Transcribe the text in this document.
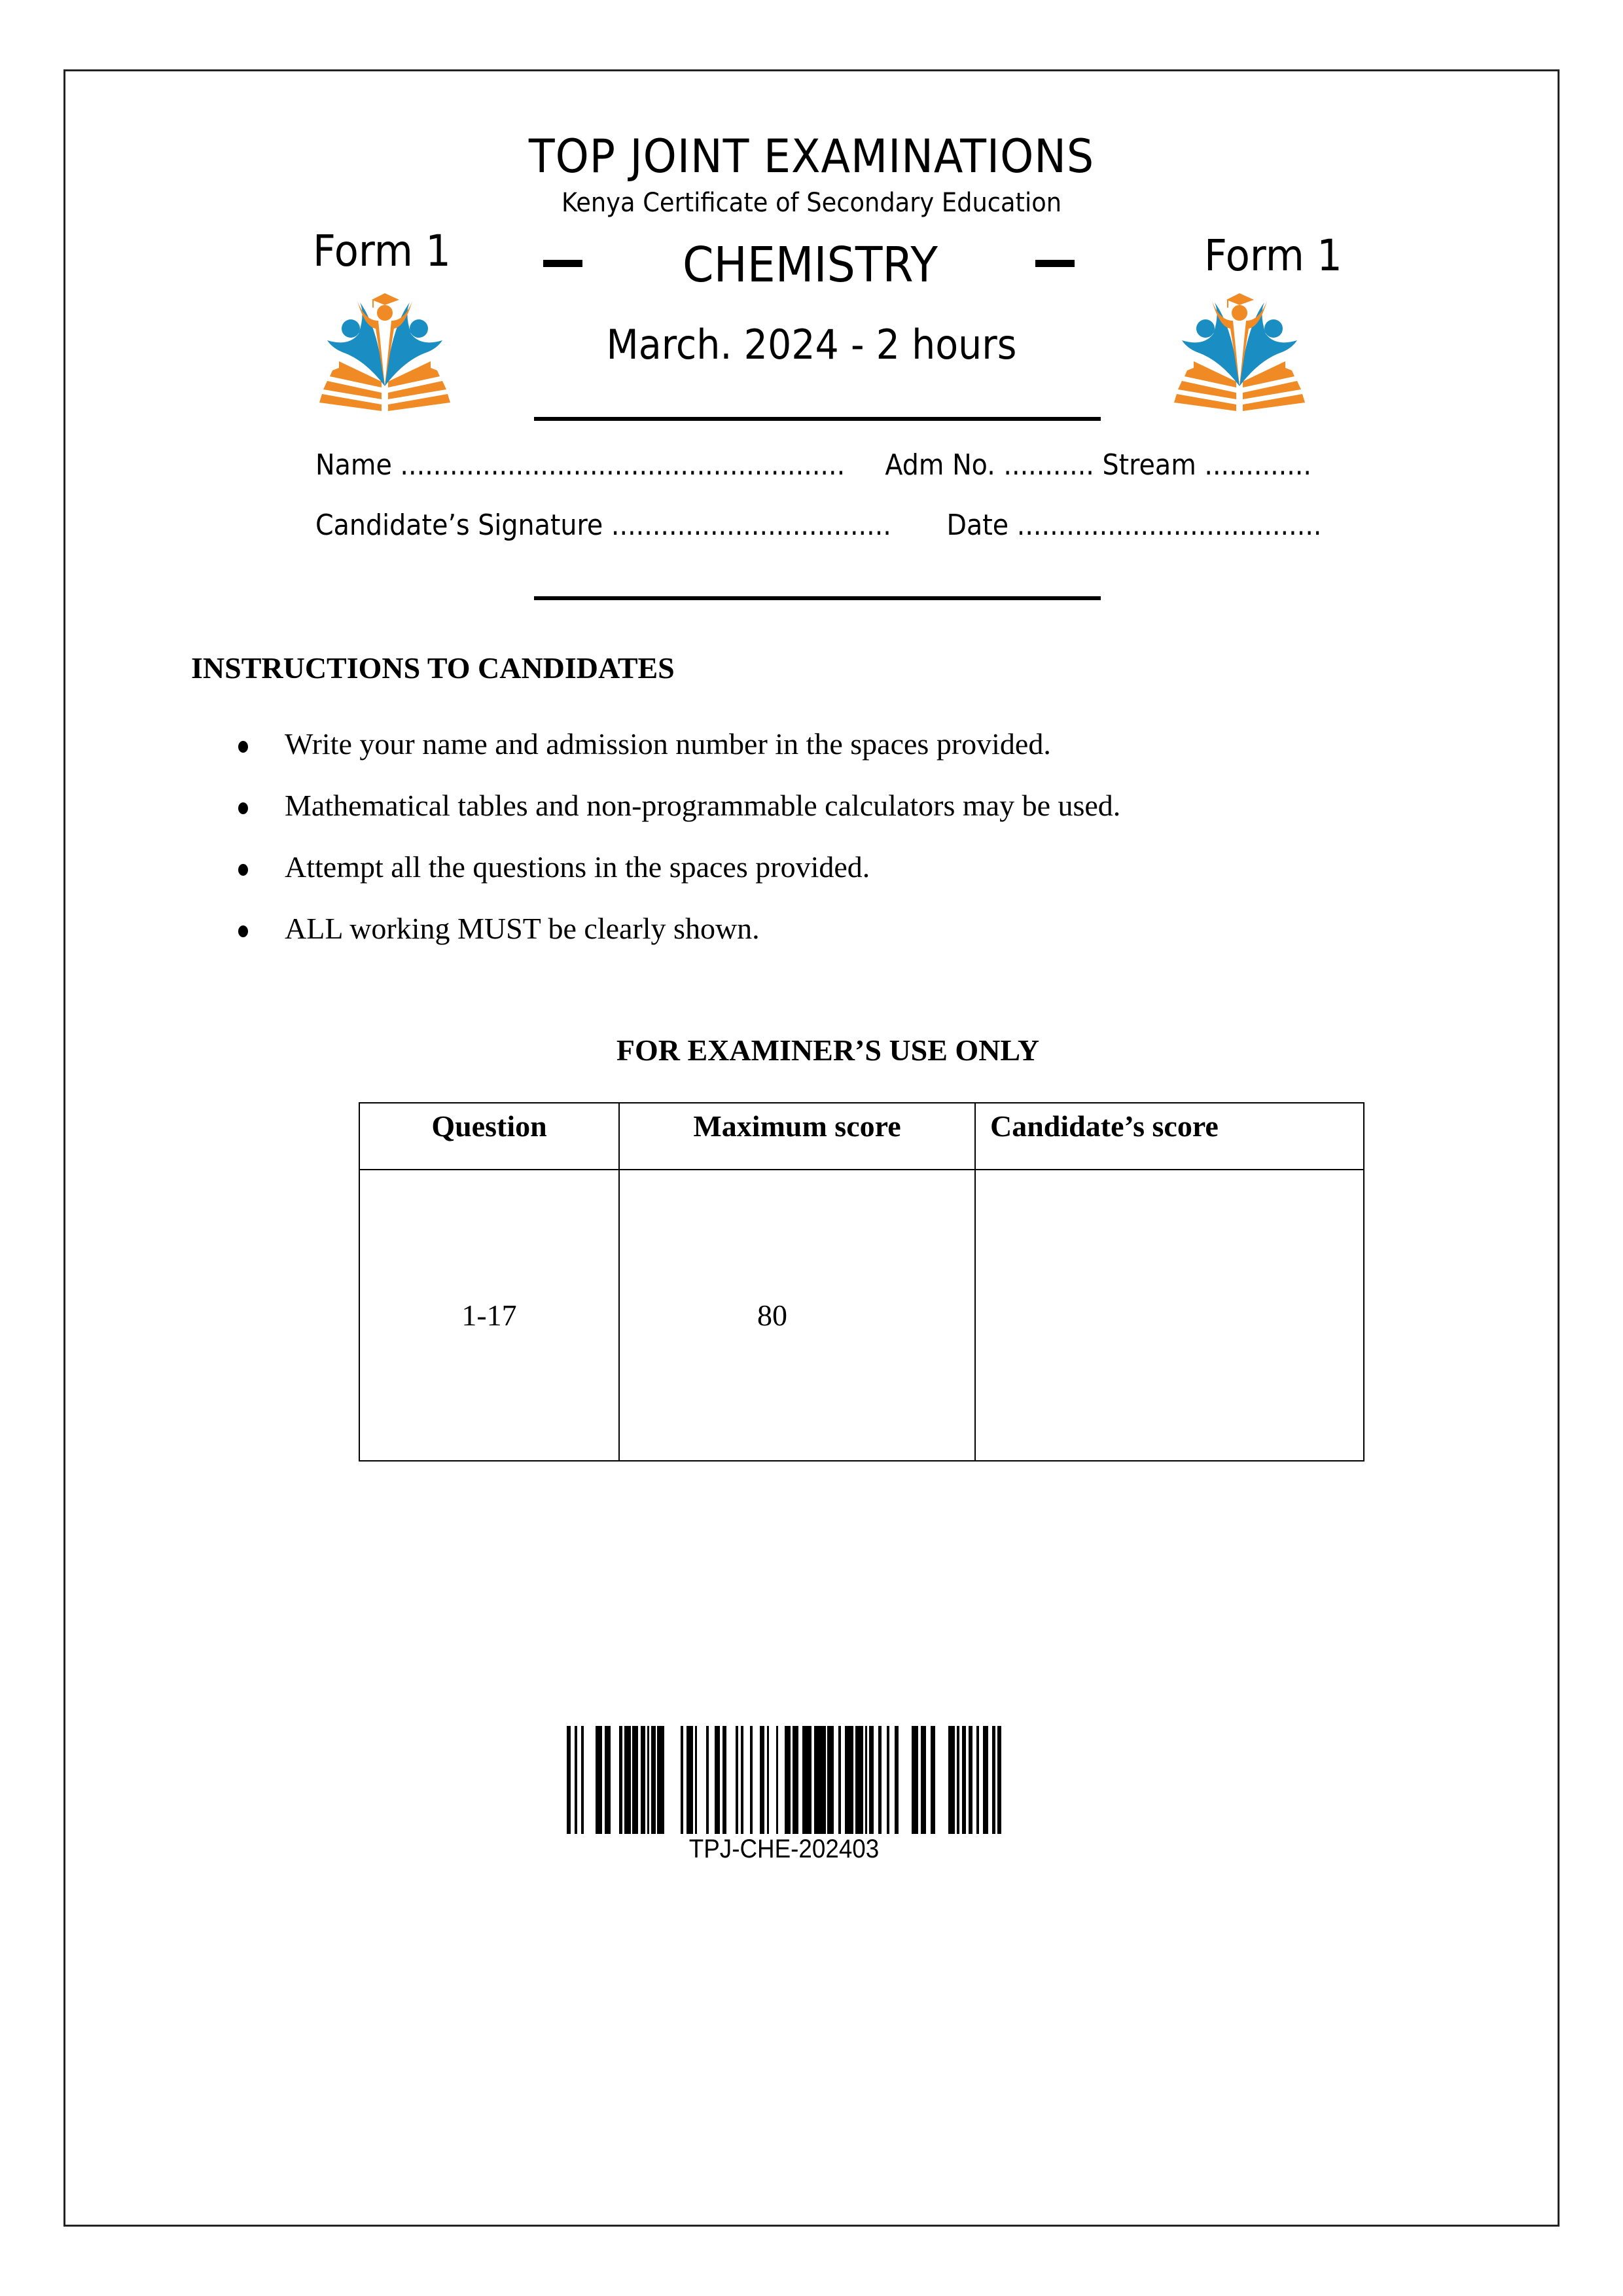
TOP JOINT EXAMINATIONS
Kenya Certificate of Secondary Education
Form 1	Form 1
CHEMISTRY
March. 2024 - 2 hours
Name ...................................................... Adm No. ........... Stream .............
Candidate’s Signature .................................. Date .....................................
INSTRUCTIONS TO CANDIDATES
Write your name and admission number in the spaces provided.
Mathematical tables and non-programmable calculators may be used.
Attempt all the questions in the spaces provided.
ALL working MUST be clearly shown.
FOR EXAMINER’S USE ONLY
Question	Maximum score	Candidate’s score
1-17	80	
TPJ-CHE-202403
